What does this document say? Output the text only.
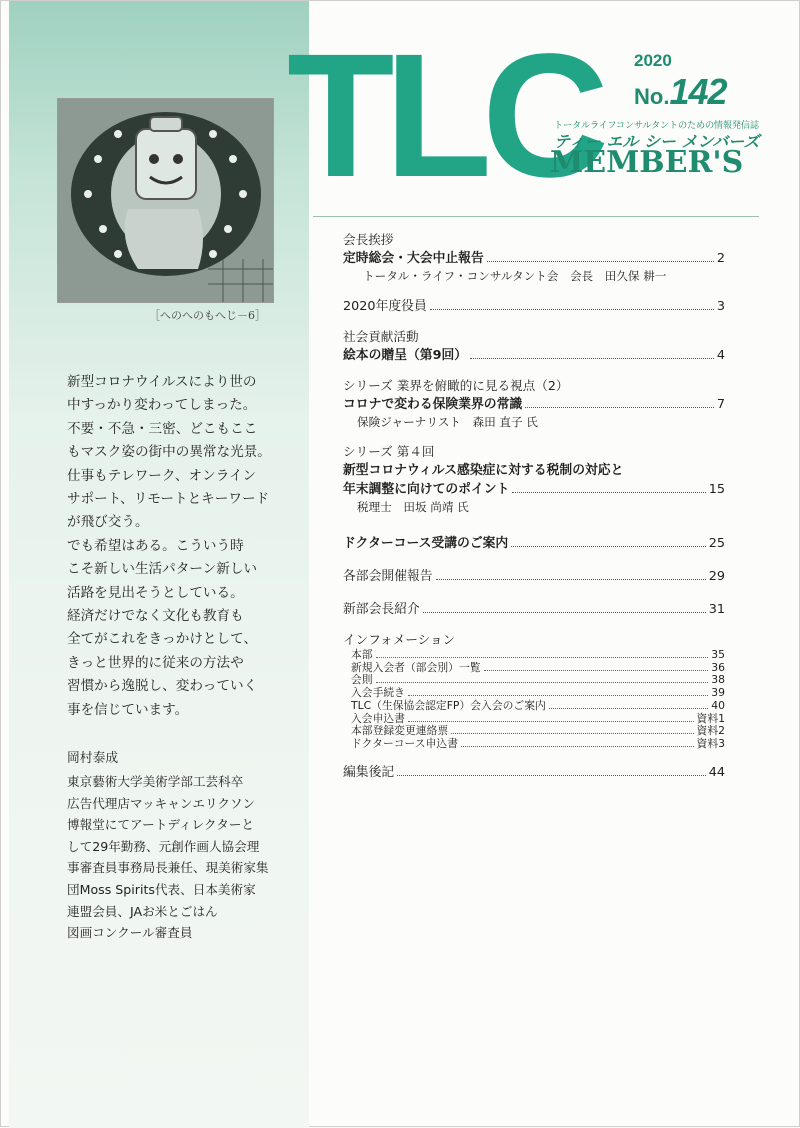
［へのへのもへじ－6］

新型コロナウイルスにより世の

中すっかり変わってしまった。

不要・不急・三密、どこもここ

もマスク姿の街中の異常な光景。

仕事もテレワーク、オンライン

サポート、リモートとキーワード

が飛び交う。

でも希望はある。こういう時

こそ新しい生活パターン新しい

活路を見出そうとしている。

経済だけでなく文化も教育も

全てがこれをきっかけとして、

きっと世界的に従来の方法や

習慣から逸脱し、変わっていく

事を信じています。

岡村泰成

東京藝術大学美術学部工芸科卒

広告代理店マッキャンエリクソン

博報堂にてアートディレクターと

して29年勤務、元創作画人協会理

事審査員事務局長兼任、現美術家集

団Moss Spirits代表、日本美術家

連盟会員、JAお米とごはん

図画コンクール審査員

TLC 2020
No.142
トータルライフコンサルタントのための情報発信誌
ティー エル シー メンバーズ
MEMBER'S
会長挨拶
定時総会・大会中止報告	2
トータル・ライフ・コンサルタント会　会長　田久保 耕一
2020年度役員	3
社会貢献活動
絵本の贈呈（第9回）	4
シリーズ 業界を俯瞰的に見る視点（2）
コロナで変わる保険業界の常識	7
保険ジャーナリスト　森田 直子 氏
シリーズ 第４回
新型コロナウィルス感染症に対する税制の対応と
年末調整に向けてのポイント	15
税理士　田坂 尚靖 氏
ドクターコース受講のご案内	25
各部会開催報告	29
新部会長紹介	31
インフォメーション
本部	35
新規入会者（部会別）一覧	36
会則	38
入会手続き	39
TLC（生保協会認定FP）会入会のご案内	40
入会申込書	資料1
本部登録変更連絡票	資料2
ドクターコース申込書	資料3
編集後記	44
